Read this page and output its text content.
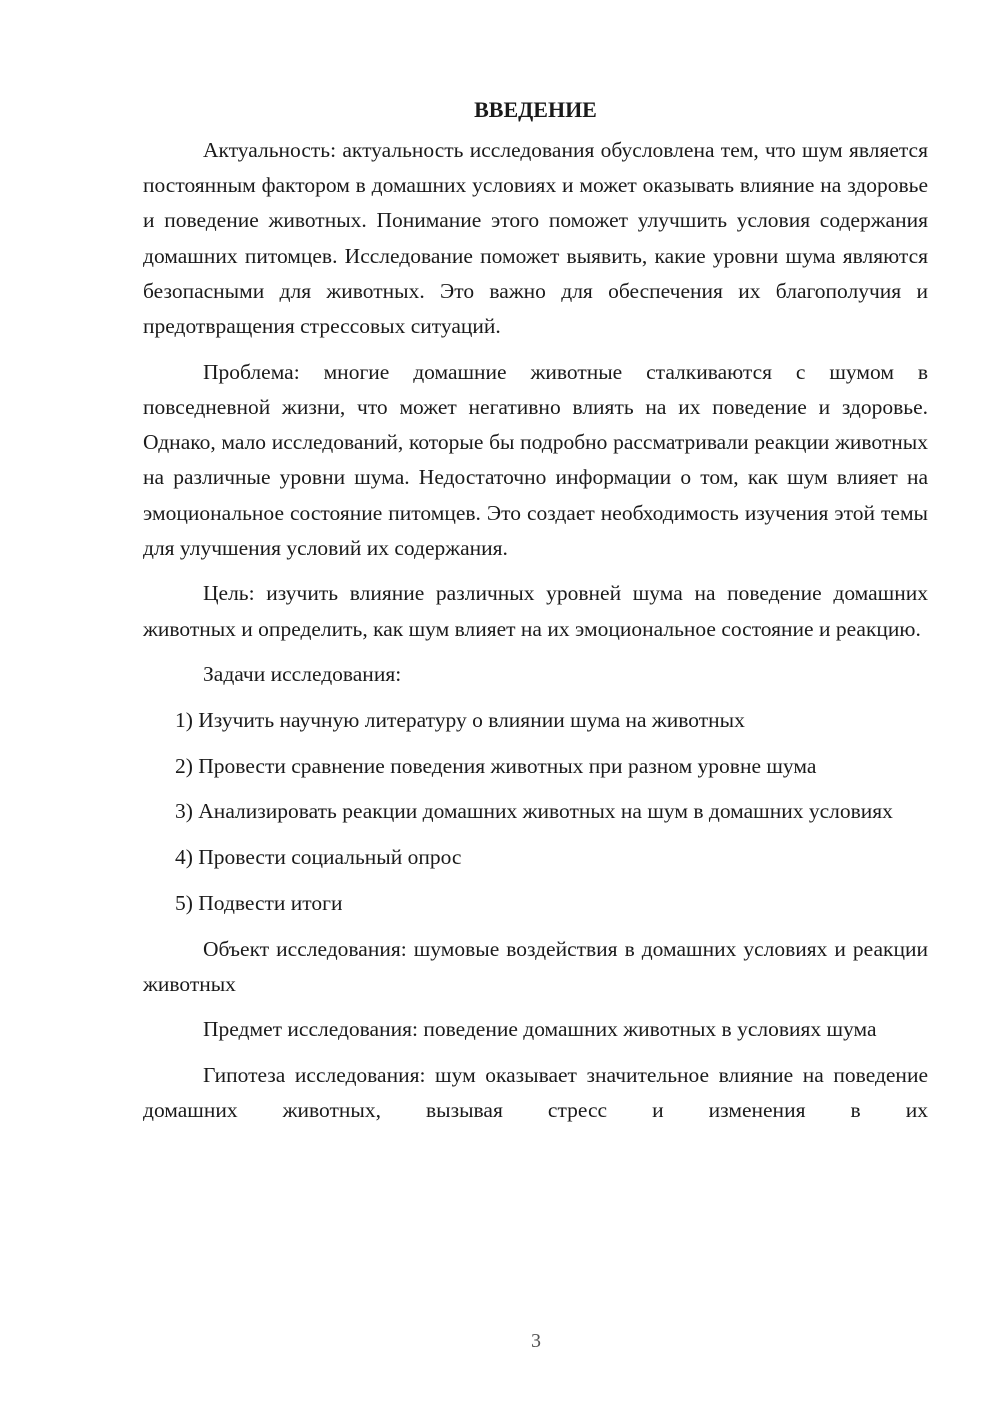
ВВЕДЕНИЕ

Актуальность: актуальность исследования обусловлена тем, что шум является постоянным фактором в домашних условиях и может оказывать влияние на здоровье и поведение животных. Понимание этого поможет улучшить условия содержания домашних питомцев. Исследование поможет выявить, какие уровни шума являются безопасными для животных. Это важно для обеспечения их благополучия и предотвращения стрессовых ситуаций.

Проблема: многие домашние животные сталкиваются с шумом в повседневной жизни, что может негативно влиять на их поведение и здоровье. Однако, мало исследований, которые бы подробно рассматривали реакции животных на различные уровни шума. Недостаточно информации о том, как шум влияет на эмоциональное состояние питомцев. Это создает необходимость изучения этой темы для улучшения условий их содержания.

Цель: изучить влияние различных уровней шума на поведение домашних животных и определить, как шум влияет на их эмоциональное состояние и реакцию.

Задачи исследования:

1) Изучить научную литературу о влиянии шума на животных

2) Провести сравнение поведения животных при разном уровне шума

3) Анализировать реакции домашних животных на шум в домашних условиях

4) Провести социальный опрос

5) Подвести итоги

Объект исследования: шумовые воздействия в домашних условиях и реакции животных

Предмет исследования: поведение домашних животных в условиях шума

Гипотеза исследования: шум оказывает значительное влияние на поведение домашних животных, вызывая стресс и изменения в их

3
